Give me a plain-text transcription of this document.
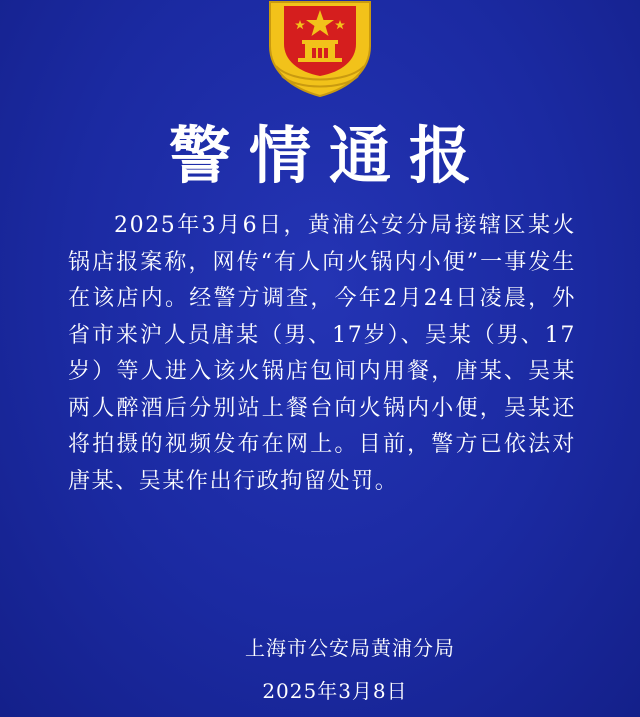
警情通报
2025年3月6日，黄浦公安分局接辖区某火锅店报案称，网传“有人向火锅内小便”一事发生在该店内。经警方调查，今年2月24日凌晨，外省市来沪人员唐某（男、17岁）、吴某（男、17岁）等人进入该火锅店包间内用餐，唐某、吴某两人醉酒后分别站上餐台向火锅内小便，吴某还将拍摄的视频发布在网上。目前，警方已依法对唐某、吴某作出行政拘留处罚。
上海市公安局黄浦分局
2025年3月8日
